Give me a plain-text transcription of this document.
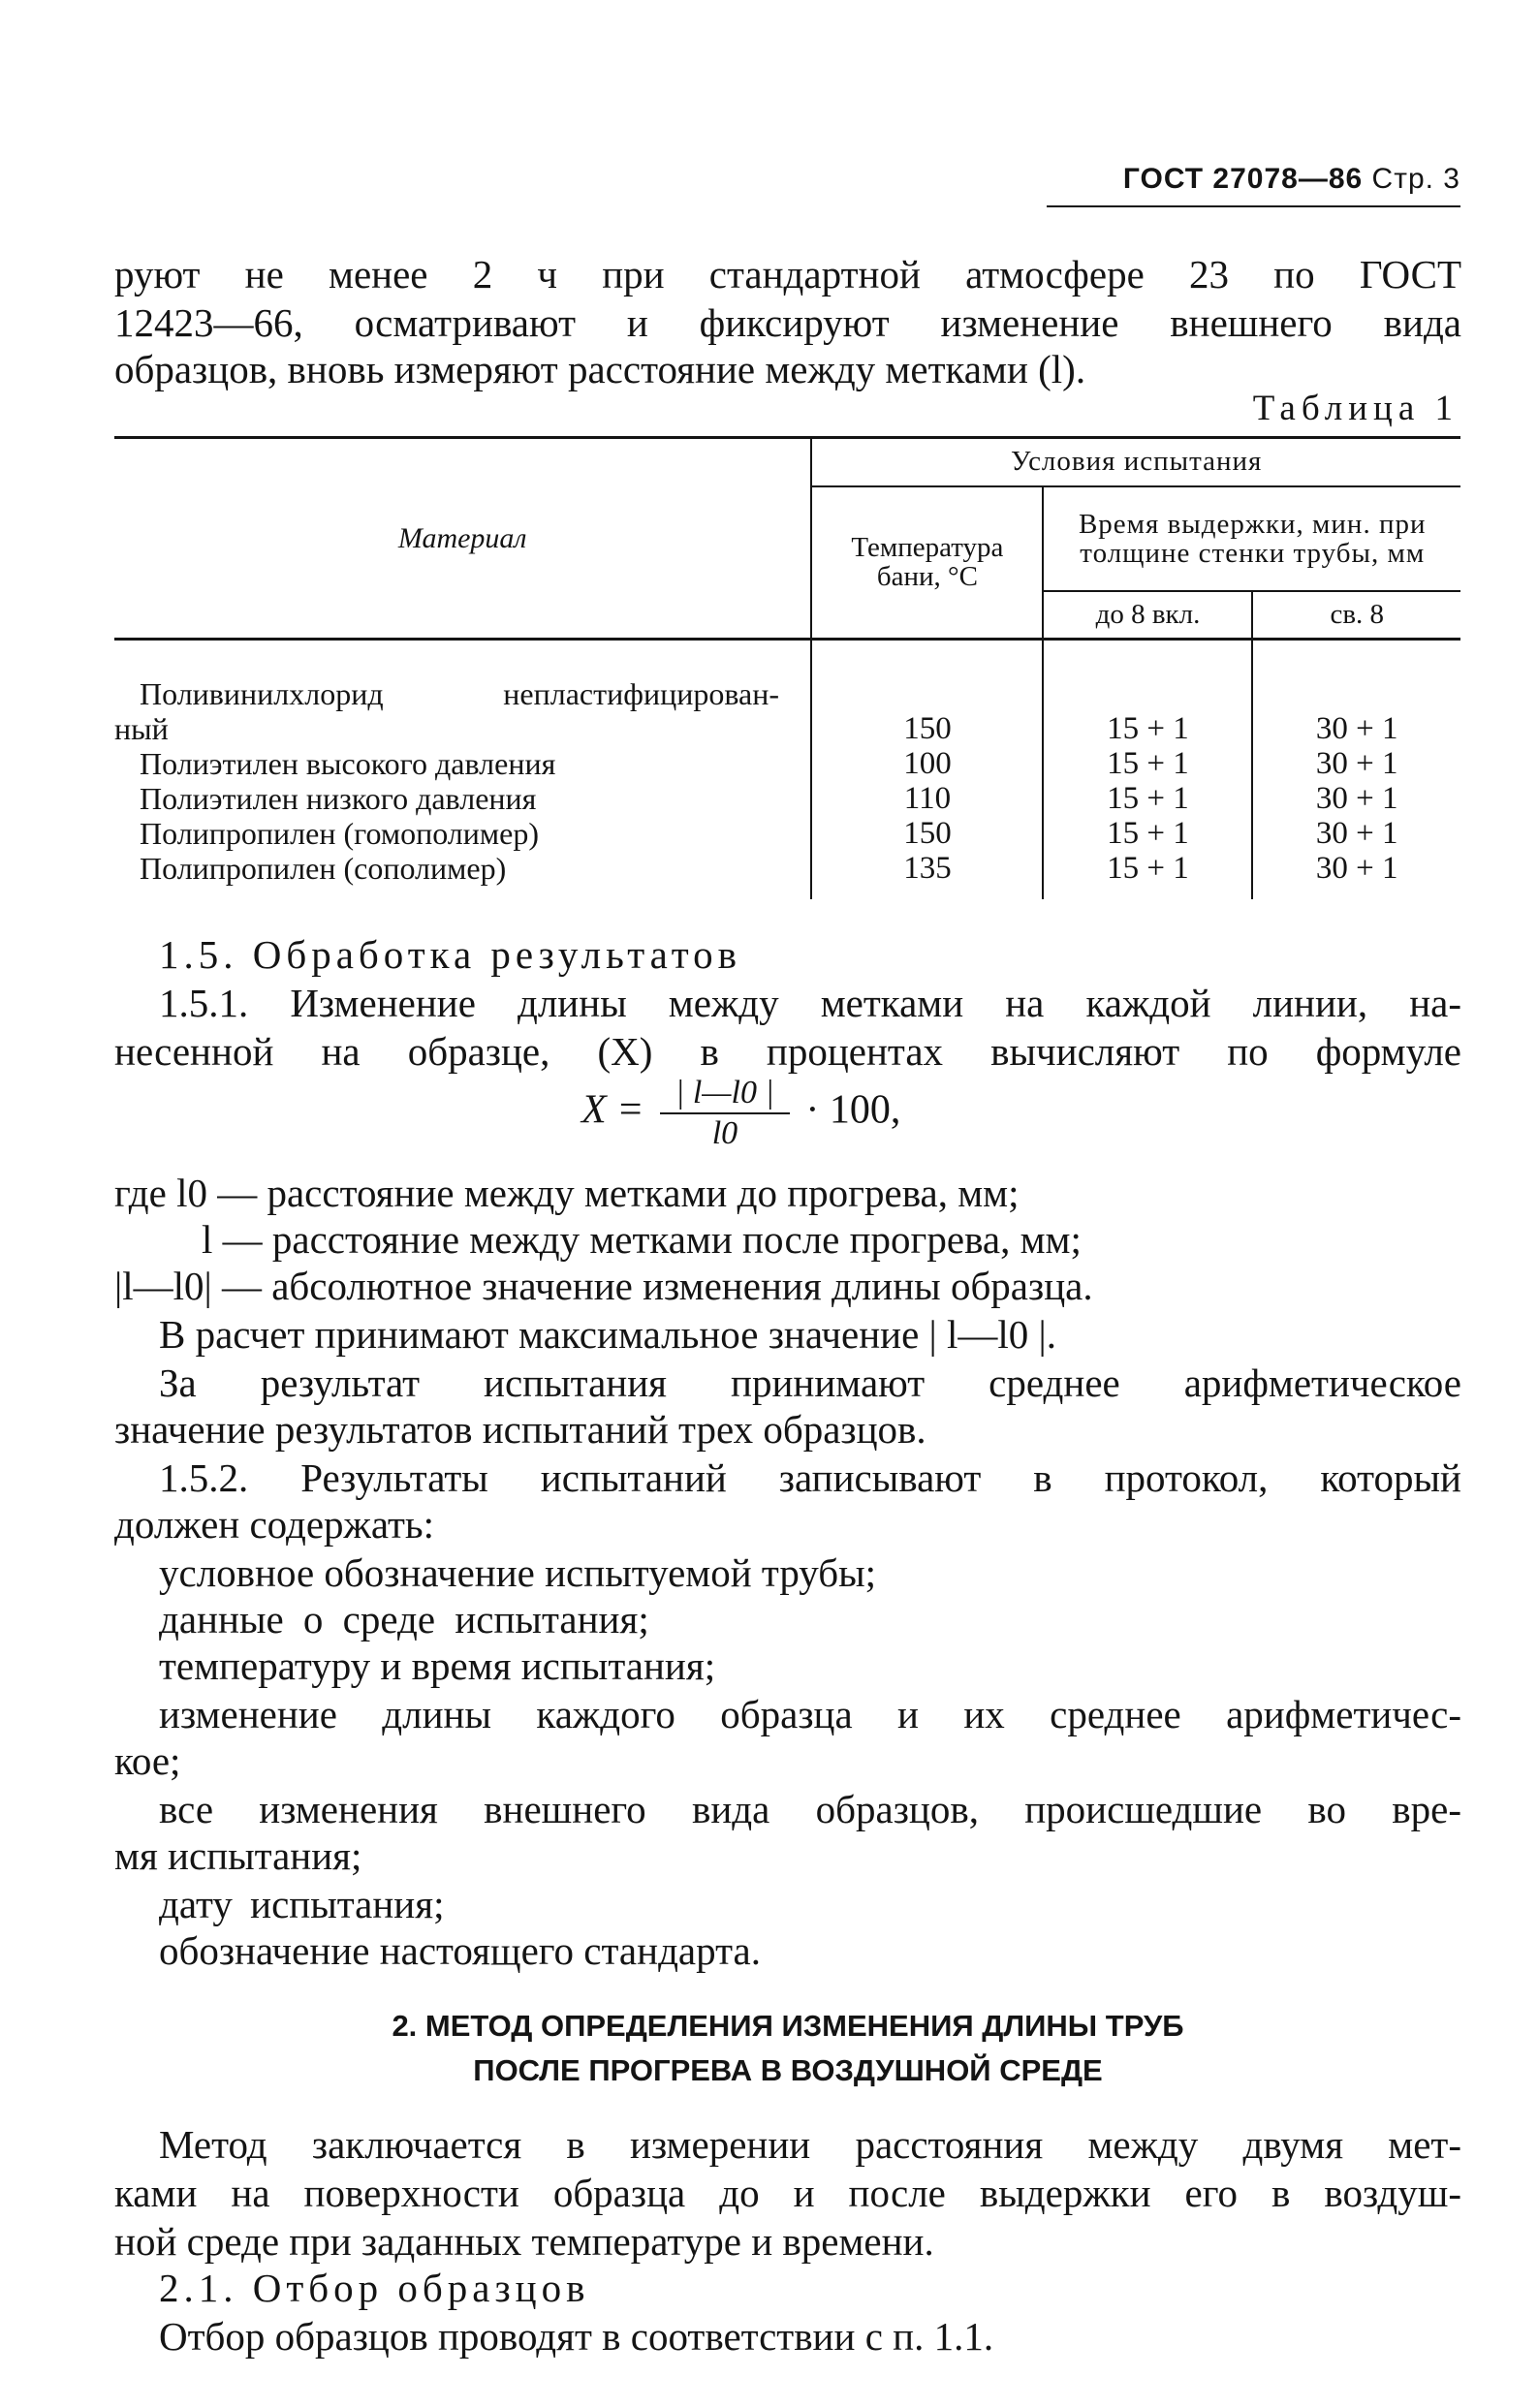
ГОСТ 27078—86 Стр. 3
руют не менее 2 ч при стандартной атмосфере 23 по ГОСТ
12423—66, осматривают и фиксируют изменение внешнего вида
образцов, вновь измеряют расстояние между метками (l).
Таблица 1
Материал	Условия испытания		
	Температура бани, °С	Время выдержки, мин. при толщине стенки трубы, мм	
		до 8 вкл.	св. 8

Поливинилхлорид непластифицирован-
ный	150	15 + 1	30 + 1
Полиэтилен высокого давления	100	15 + 1	30 + 1
Полиэтилен низкого давления	110	15 + 1	30 + 1
Полипропилен (гомополимер)	150	15 + 1	30 + 1
Полипропилен (сополимер)	135	15 + 1	30 + 1

1.5. Обработка результатов
1.5.1. Изменение длины между метками на каждой линии, на-
несенной на образце, (X) в процентах вычисляют по формуле
$X = \frac{| l—l0 |}{l0} \cdot 100$,
где l0 — расстояние между метками до прогрева, мм;
l — расстояние между метками после прогрева, мм;
|l—l0| — абсолютное значение изменения длины образца.
В расчет принимают максимальное значение | l—l0 |.
За результат испытания принимают среднее арифметическое
значение результатов испытаний трех образцов.
1.5.2. Результаты испытаний записывают в протокол, который
должен содержать:
условное обозначение испытуемой трубы;
данные о среде испытания;
температуру и время испытания;
изменение длины каждого образца и их среднее арифметичес-
кое;
все изменения внешнего вида образцов, происшедшие во вре-
мя испытания;
дату испытания;
обозначение настоящего стандарта.
2. МЕТОД ОПРЕДЕЛЕНИЯ ИЗМЕНЕНИЯ ДЛИНЫ ТРУБ
ПОСЛЕ ПРОГРЕВА В ВОЗДУШНОЙ СРЕДЕ
Метод заключается в измерении расстояния между двумя мет-
ками на поверхности образца до и после выдержки его в воздуш-
ной среде при заданных температуре и времени.
2.1. Отбор образцов
Отбор образцов проводят в соответствии с п. 1.1.
